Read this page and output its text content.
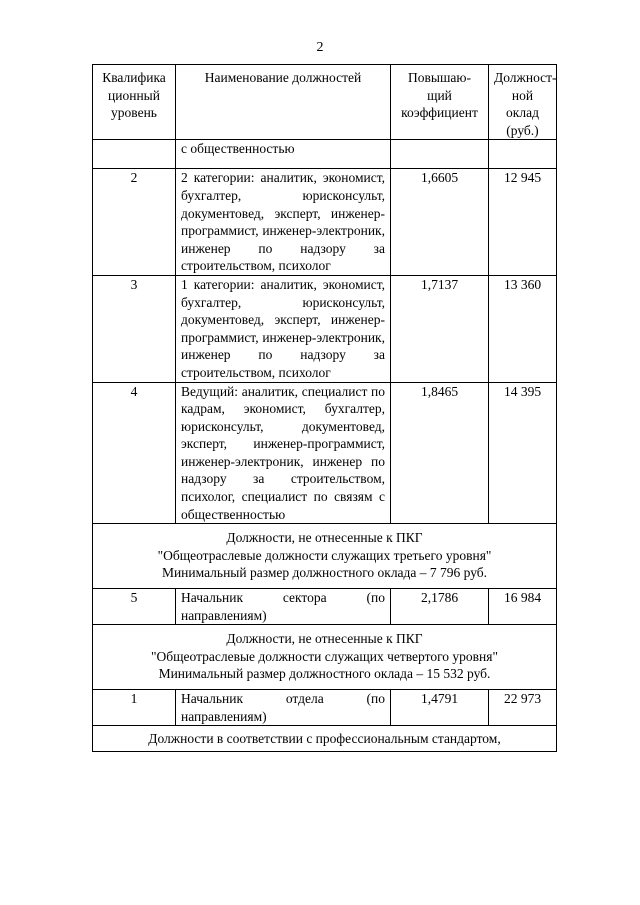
2
Квалифика ционный уровень	Наименование должностей	Повышаю- щий коэффициент	Должност- ной оклад (руб.)
	с общественностью		
2	2 категории: аналитик, экономист, бухгалтер, юрисконсульт, документовед, эксперт, инженер-программист, инженер-электроник, инженер по надзору за строительством, психолог	1,6605	12 945
3	1 категории: аналитик, экономист, бухгалтер, юрисконсульт, документовед, эксперт, инженер-программист, инженер-электроник, инженер по надзору за строительством, психолог	1,7137	13 360
4	Ведущий: аналитик, специалист по кадрам, экономист, бухгалтер, юрисконсульт, документовед, эксперт, инженер-программист, инженер-электроник, инженер по надзору за строительством, психолог, специалист по связям с общественностью	1,8465	14 395

Должности, не отнесенные к ПКГ
"Общеотраслевые должности служащих третьего уровня"
Минимальный размер должностного оклада – 7 796 руб.			

5	Начальник сектора (по направлениям)	2,1786	16 984

Должности, не отнесенные к ПКГ
"Общеотраслевые должности служащих четвертого уровня"
Минимальный размер должностного оклада – 15 532 руб.			

1	Начальник отдела (по направлениям)	1,4791	22 973
Должности в соответствии с профессиональным стандартом,			
